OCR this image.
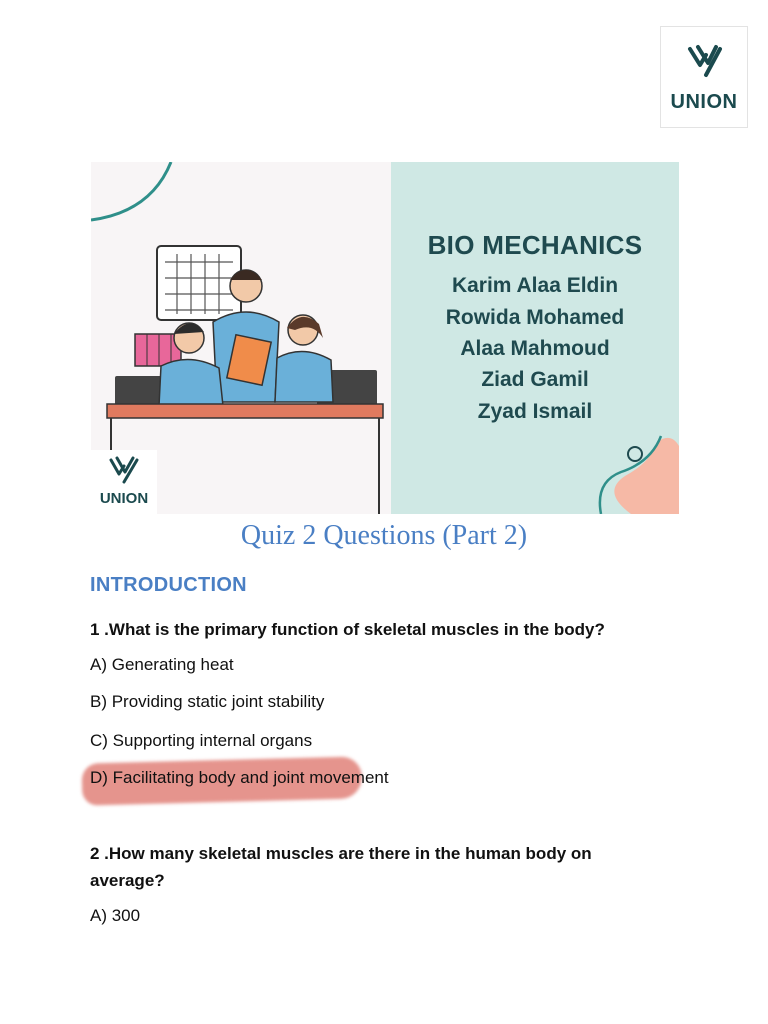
UNION
UNION
BIO MECHANICS
Karim Alaa Eldin
Rowida Mohamed
Alaa Mahmoud
Ziad Gamil
Zyad Ismail
Quiz 2 Questions (Part 2)
INTRODUCTION
1 .What is the primary function of skeletal muscles in the body?
A) Generating heat
B) Providing static joint stability
C) Supporting internal organs
D) Facilitating body and joint movement
2 .How many skeletal muscles are there in the human body on average?
A) 300
